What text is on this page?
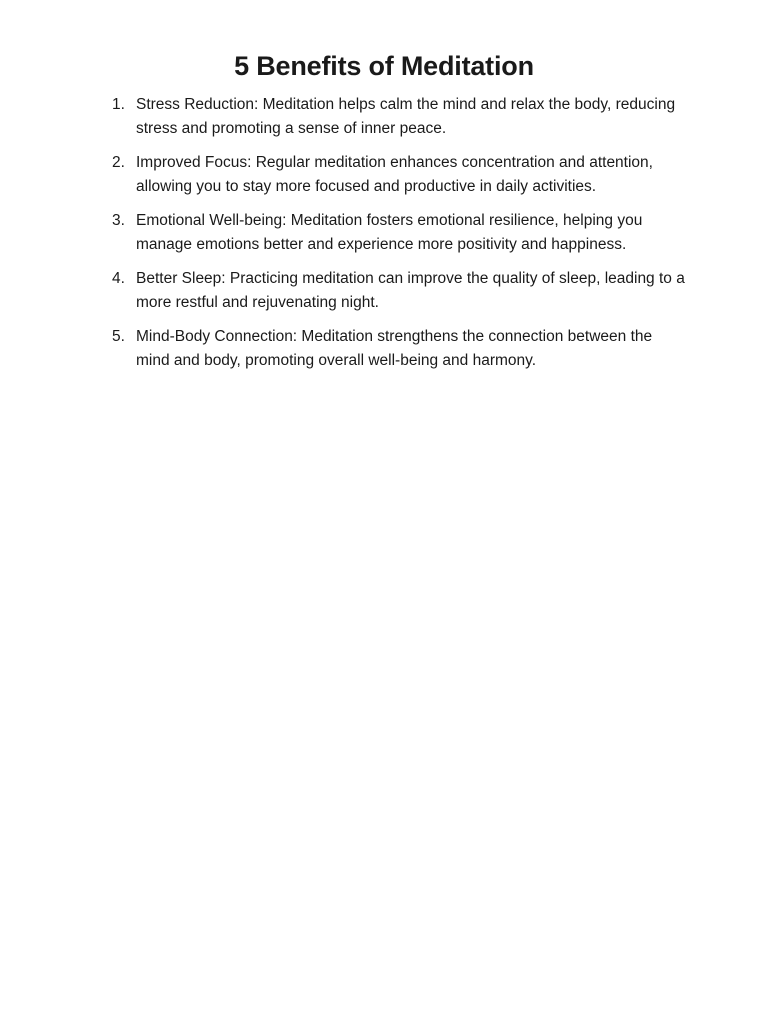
5 Benefits of Meditation
1. Stress Reduction: Meditation helps calm the mind and relax the body, reducing stress and promoting a sense of inner peace.
2. Improved Focus: Regular meditation enhances concentration and attention, allowing you to stay more focused and productive in daily activities.
3. Emotional Well-being: Meditation fosters emotional resilience, helping you manage emotions better and experience more positivity and happiness.
4. Better Sleep: Practicing meditation can improve the quality of sleep, leading to a more restful and rejuvenating night.
5. Mind-Body Connection: Meditation strengthens the connection between the mind and body, promoting overall well-being and harmony.
